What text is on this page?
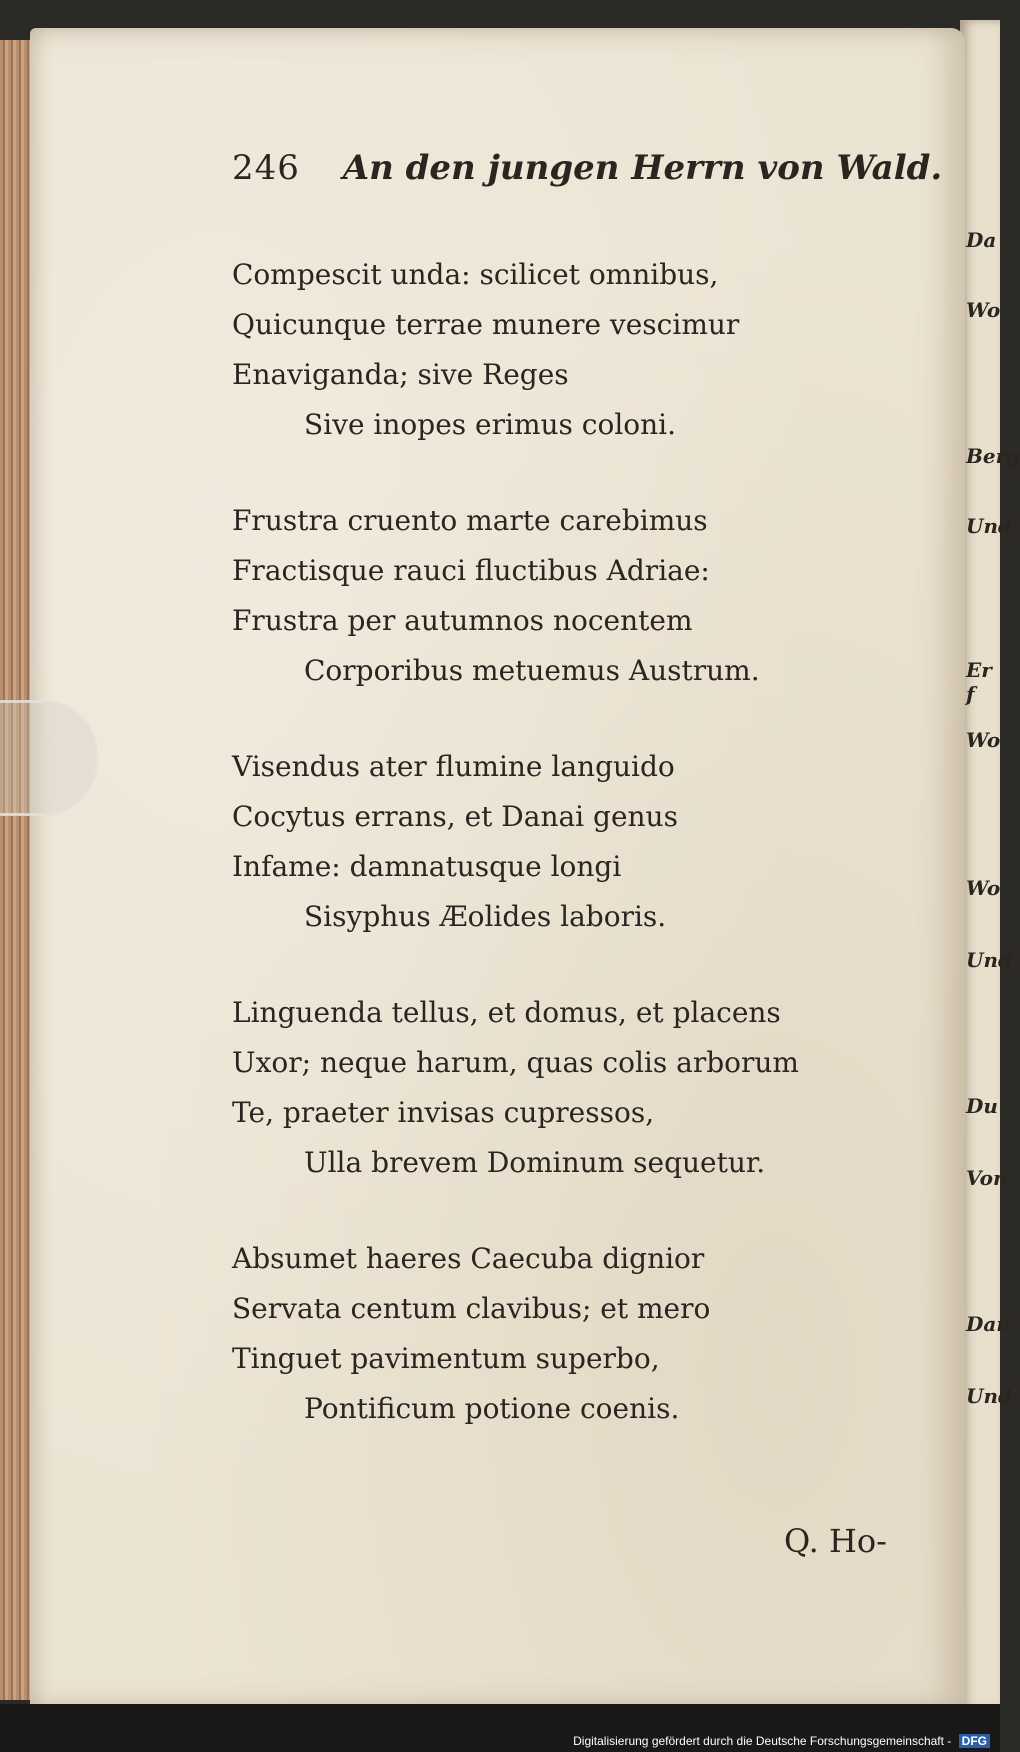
246 An den jungen Herrn von Wald.
Compescit unda: scilicet omnibus,
Quicunque terrae munere vescimur
Enaviganda; sive Reges
Sive inopes erimus coloni.
Frustra cruento marte carebimus
Fractisque rauci fluctibus Adriae:
Frustra per autumnos nocentem
Corporibus metuemus Austrum.
Visendus ater flumine languido
Cocytus errans, et Danai genus
Infame: damnatusque longi
Sisyphus Æolides laboris.
Linguenda tellus, et domus, et placens
Uxor; neque harum, quas colis arborum
Te, praeter invisas cupressos,
Ulla brevem Dominum sequetur.
Absumet haeres Caecuba dignior
Servata centum clavibus; et mero
Tinguet pavimentum superbo,
Pontificum potione coenis.
Q. Ho-
Da
Wo
Berg
Und
Er f
Wo
Wo
Und
Du
Von
Dan
Und
Digitalisierung gefördert durch die Deutsche Forschungsgemeinschaft - DFG
